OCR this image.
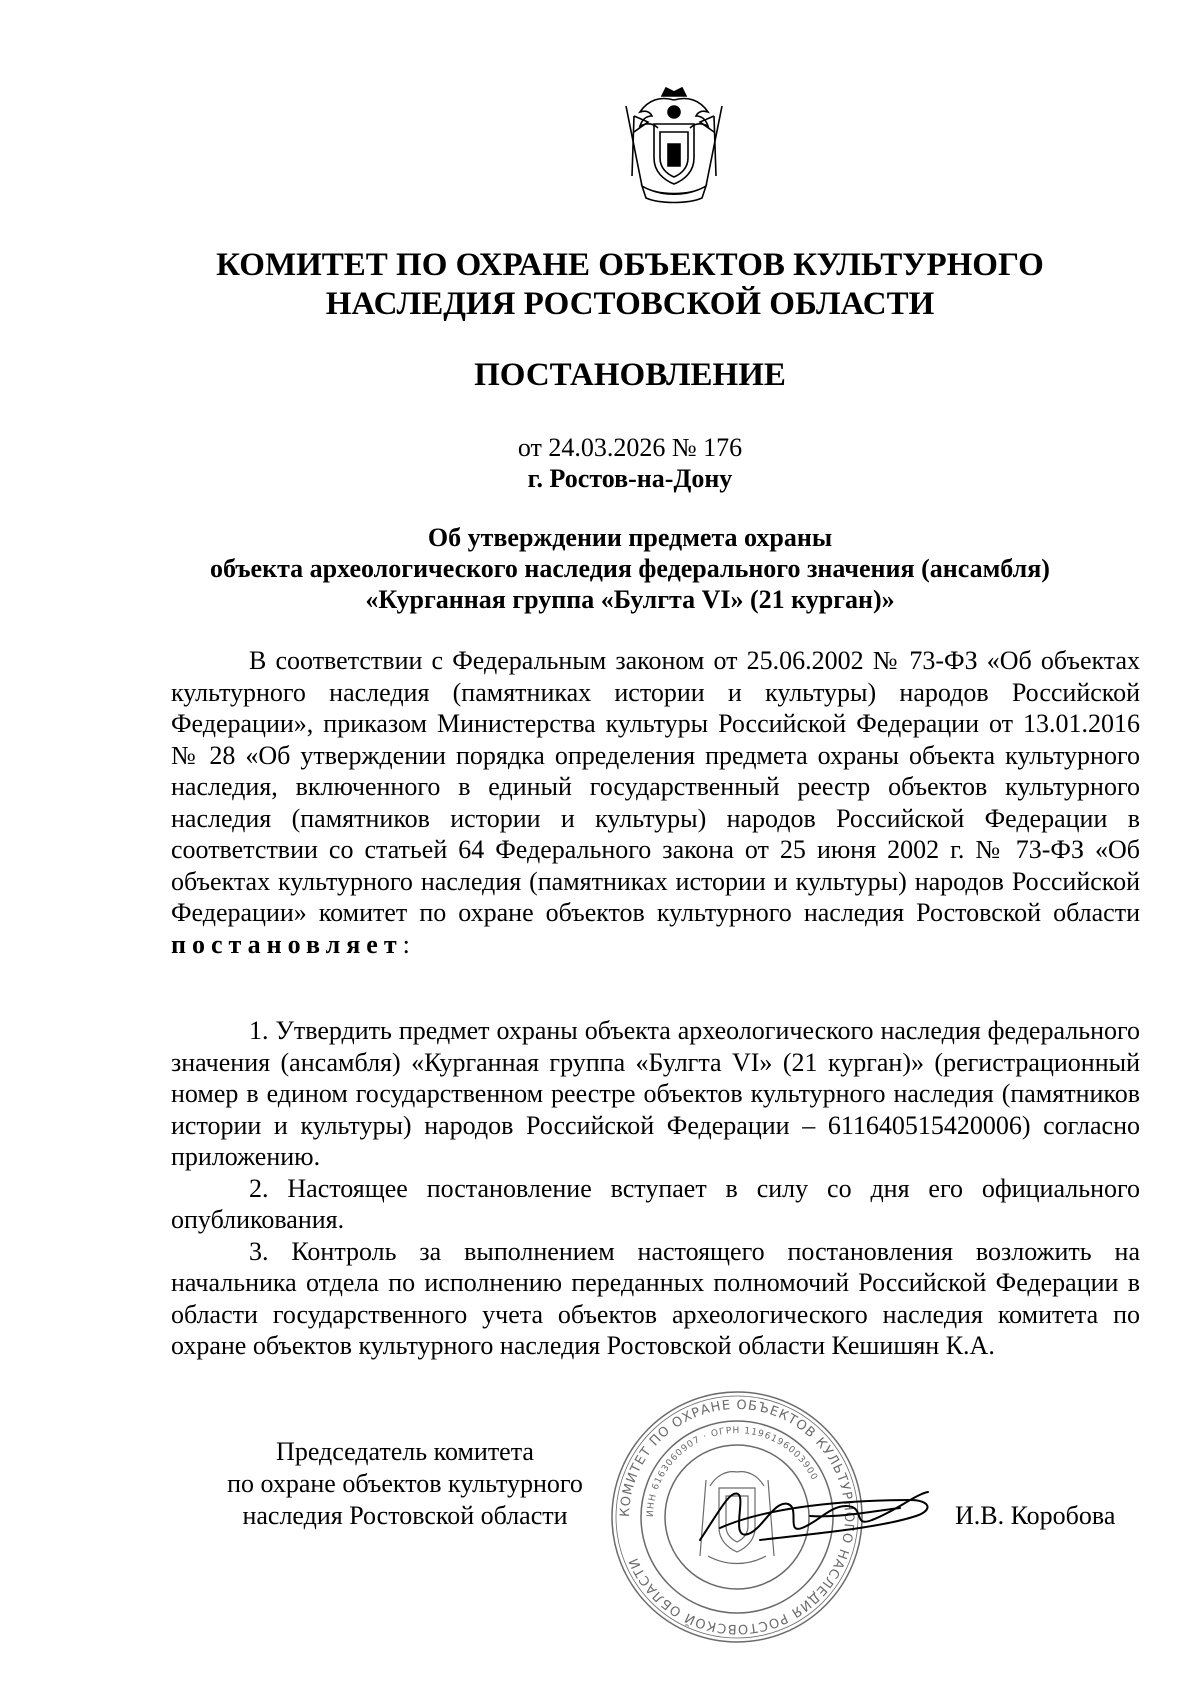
КОМИТЕТ ПО ОХРАНЕ ОБЪЕКТОВ КУЛЬТУРНОГО
НАСЛЕДИЯ РОСТОВСКОЙ ОБЛАСТИ
ПОСТАНОВЛЕНИЕ
от 24.03.2026 № 176
г. Ростов-на-Дону
Об утверждении предмета охраны
объекта археологического наследия федерального значения (ансамбля)
«Курганная группа «Булгта VI» (21 курган)»
В соответствии с Федеральным законом от 25.06.2002 № 73-ФЗ «Об объектах культурного наследия (памятниках истории и культуры) народов Российской Федерации», приказом Министерства культуры Российской Федерации от 13.01.2016 № 28 «Об утверждении порядка определения предмета охраны объекта культурного наследия, включенного в единый государственный реестр объектов культурного наследия (памятников истории и культуры) народов Российской Федерации в соответствии со статьей 64 Федерального закона от 25 июня 2002 г. № 73-ФЗ «Об объектах культурного наследия (памятниках истории и культуры) народов Российской Федерации» комитет по охране объектов культурного наследия Ростовской области постановляет:

1. Утвердить предмет охраны объекта археологического наследия федерального значения (ансамбля) «Курганная группа «Булгта VI» (21 курган)» (регистрационный номер в едином государственном реестре объектов культурного наследия (памятников истории и культуры) народов Российской Федерации – 611640515420006) согласно приложению.

2. Настоящее постановление вступает в силу со дня его официального опубликования.

3. Контроль за выполнением настоящего постановления возложить на начальника отдела по исполнению переданных полномочий Российской Федерации в области государственного учета объектов археологического наследия комитета по охране объектов культурного наследия Ростовской области Кешишян К.А.

Председатель комитета
по охране объектов культурного
наследия Ростовской области	КОМИТЕТ ПО ОХРАНЕ ОБЪЕКТОВ КУЛЬТУРНОГО НАСЛЕДИЯ РОСТОВСКОЙ ОБЛАСТИ
ИНН 6163060907 · ОГРН 1196196003900
И.В. Коробова
